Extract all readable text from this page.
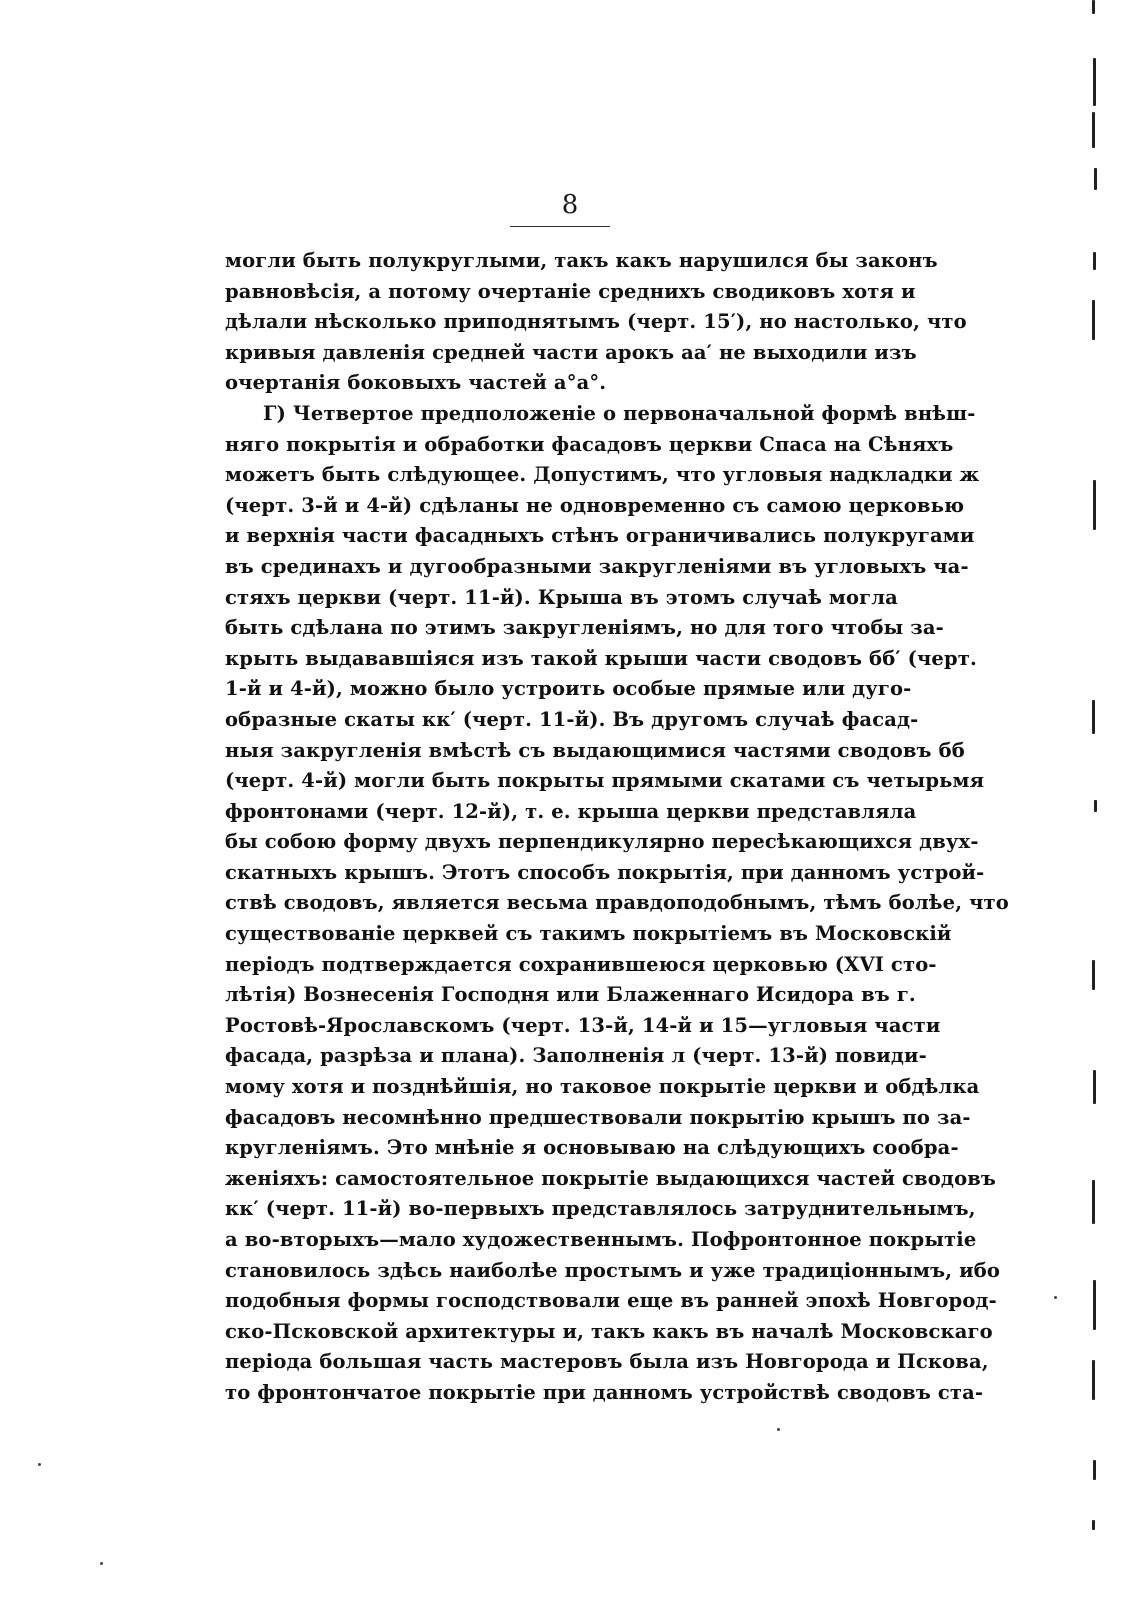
8
могли быть полукруглыми, такъ какъ нарушился бы законъ
равновѣсія, а потому очертаніе среднихъ сводиковъ хотя и
дѣлали нѣсколько приподнятымъ (черт. 15′), но настолько, что
кривыя давленія средней части арокъ аа′ не выходили изъ
очертанія боковыхъ частей а°а°.
Г) Четвертое предположеніе о первоначальной формѣ внѣш-
няго покрытія и обработки фасадовъ церкви Спаса на Сѣняхъ
можетъ быть слѣдующее. Допустимъ, что угловыя надкладки ж
(черт. 3-й и 4-й) сдѣланы не одновременно съ самою церковью
и верхнія части фасадныхъ стѣнъ ограничивались полукругами
въ срединахъ и дугообразными закругленіями въ угловыхъ ча-
стяхъ церкви (черт. 11-й). Крыша въ этомъ случаѣ могла
быть сдѣлана по этимъ закругленіямъ, но для того чтобы за-
крыть выдававшіяся изъ такой крыши части сводовъ бб′ (черт.
1-й и 4-й), можно было устроить особые прямые или дуго-
образные скаты кк′ (черт. 11-й). Въ другомъ случаѣ фасад-
ныя закругленія вмѣстѣ съ выдающимися частями сводовъ бб
(черт. 4-й) могли быть покрыты прямыми скатами съ четырьмя
фронтонами (черт. 12-й), т. е. крыша церкви представляла
бы собою форму двухъ перпендикулярно пересѣкающихся двух-
скатныхъ крышъ. Этотъ способъ покрытія, при данномъ устрой-
ствѣ сводовъ, является весьма правдоподобнымъ, тѣмъ болѣе, что
существованіе церквей съ такимъ покрытіемъ въ Московскій
періодъ подтверждается сохранившеюся церковью (XVI сто-
лѣтія) Вознесенія Господня или Блаженнаго Исидора въ г.
Ростовѣ-Ярославскомъ (черт. 13-й, 14-й и 15—угловыя части
фасада, разрѣза и плана). Заполненія л (черт. 13-й) повиди-
мому хотя и позднѣйшія, но таковое покрытіе церкви и обдѣлка
фасадовъ несомнѣнно предшествовали покрытію крышъ по за-
кругленіямъ. Это мнѣніе я основываю на слѣдующихъ сообра-
женіяхъ: самостоятельное покрытіе выдающихся частей сводовъ
кк′ (черт. 11-й) во-первыхъ представлялось затруднительнымъ,
а во-вторыхъ—мало художественнымъ. Пофронтонное покрытіе
становилось здѣсь наиболѣе простымъ и уже традиціоннымъ, ибо
подобныя формы господствовали еще въ ранней эпохѣ Новгород-
ско-Псковской архитектуры и, такъ какъ въ началѣ Московскаго
періода большая часть мастеровъ была изъ Новгорода и Пскова,
то фронтончатое покрытіе при данномъ устройствѣ сводовъ ста-
